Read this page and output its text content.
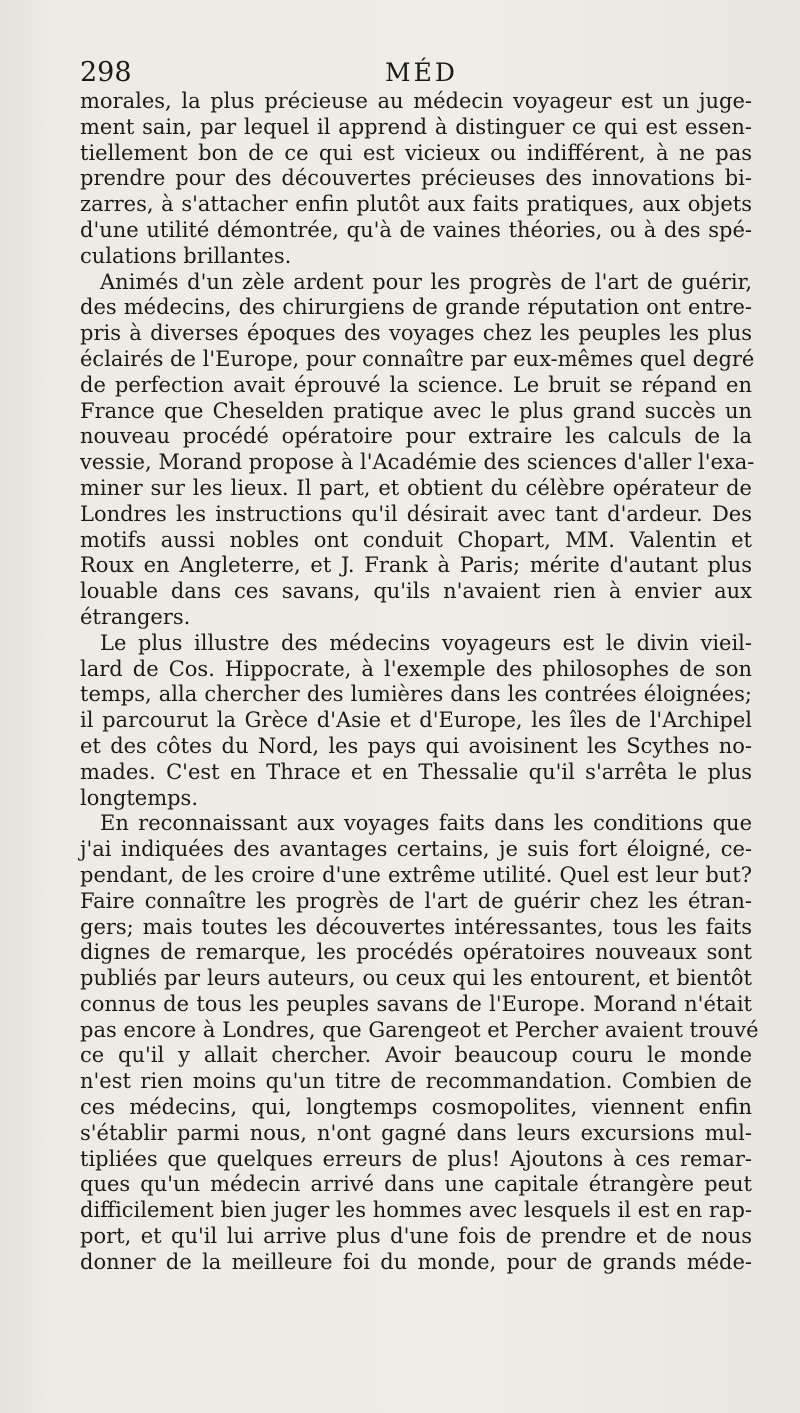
298	MÉD
morales, la plus précieuse au médecin voyageur est un juge-
ment sain, par lequel il apprend à distinguer ce qui est essen-
tiellement bon de ce qui est vicieux ou indifférent, à ne pas
prendre pour des découvertes précieuses des innovations bi-
zarres, à s'attacher enfin plutôt aux faits pratiques, aux objets
d'une utilité démontrée, qu'à de vaines théories, ou à des spé-
culations brillantes.
Animés d'un zèle ardent pour les progrès de l'art de guérir,
des médecins, des chirurgiens de grande réputation ont entre-
pris à diverses époques des voyages chez les peuples les plus
éclairés de l'Europe, pour connaître par eux-mêmes quel degré
de perfection avait éprouvé la science. Le bruit se répand en
France que Cheselden pratique avec le plus grand succès un
nouveau procédé opératoire pour extraire les calculs de la
vessie, Morand propose à l'Académie des sciences d'aller l'exa-
miner sur les lieux. Il part, et obtient du célèbre opérateur de
Londres les instructions qu'il désirait avec tant d'ardeur. Des
motifs aussi nobles ont conduit Chopart, MM. Valentin et
Roux en Angleterre, et J. Frank à Paris; mérite d'autant plus
louable dans ces savans, qu'ils n'avaient rien à envier aux
étrangers.
Le plus illustre des médecins voyageurs est le divin vieil-
lard de Cos. Hippocrate, à l'exemple des philosophes de son
temps, alla chercher des lumières dans les contrées éloignées;
il parcourut la Grèce d'Asie et d'Europe, les îles de l'Archipel
et des côtes du Nord, les pays qui avoisinent les Scythes no-
mades. C'est en Thrace et en Thessalie qu'il s'arrêta le plus
longtemps.
En reconnaissant aux voyages faits dans les conditions que
j'ai indiquées des avantages certains, je suis fort éloigné, ce-
pendant, de les croire d'une extrême utilité. Quel est leur but?
Faire connaître les progrès de l'art de guérir chez les étran-
gers; mais toutes les découvertes intéressantes, tous les faits
dignes de remarque, les procédés opératoires nouveaux sont
publiés par leurs auteurs, ou ceux qui les entourent, et bientôt
connus de tous les peuples savans de l'Europe. Morand n'était
pas encore à Londres, que Garengeot et Percher avaient trouvé
ce qu'il y allait chercher. Avoir beaucoup couru le monde
n'est rien moins qu'un titre de recommandation. Combien de
ces médecins, qui, longtemps cosmopolites, viennent enfin
s'établir parmi nous, n'ont gagné dans leurs excursions mul-
tipliées que quelques erreurs de plus! Ajoutons à ces remar-
ques qu'un médecin arrivé dans une capitale étrangère peut
difficilement bien juger les hommes avec lesquels il est en rap-
port, et qu'il lui arrive plus d'une fois de prendre et de nous
donner de la meilleure foi du monde, pour de grands méde-
